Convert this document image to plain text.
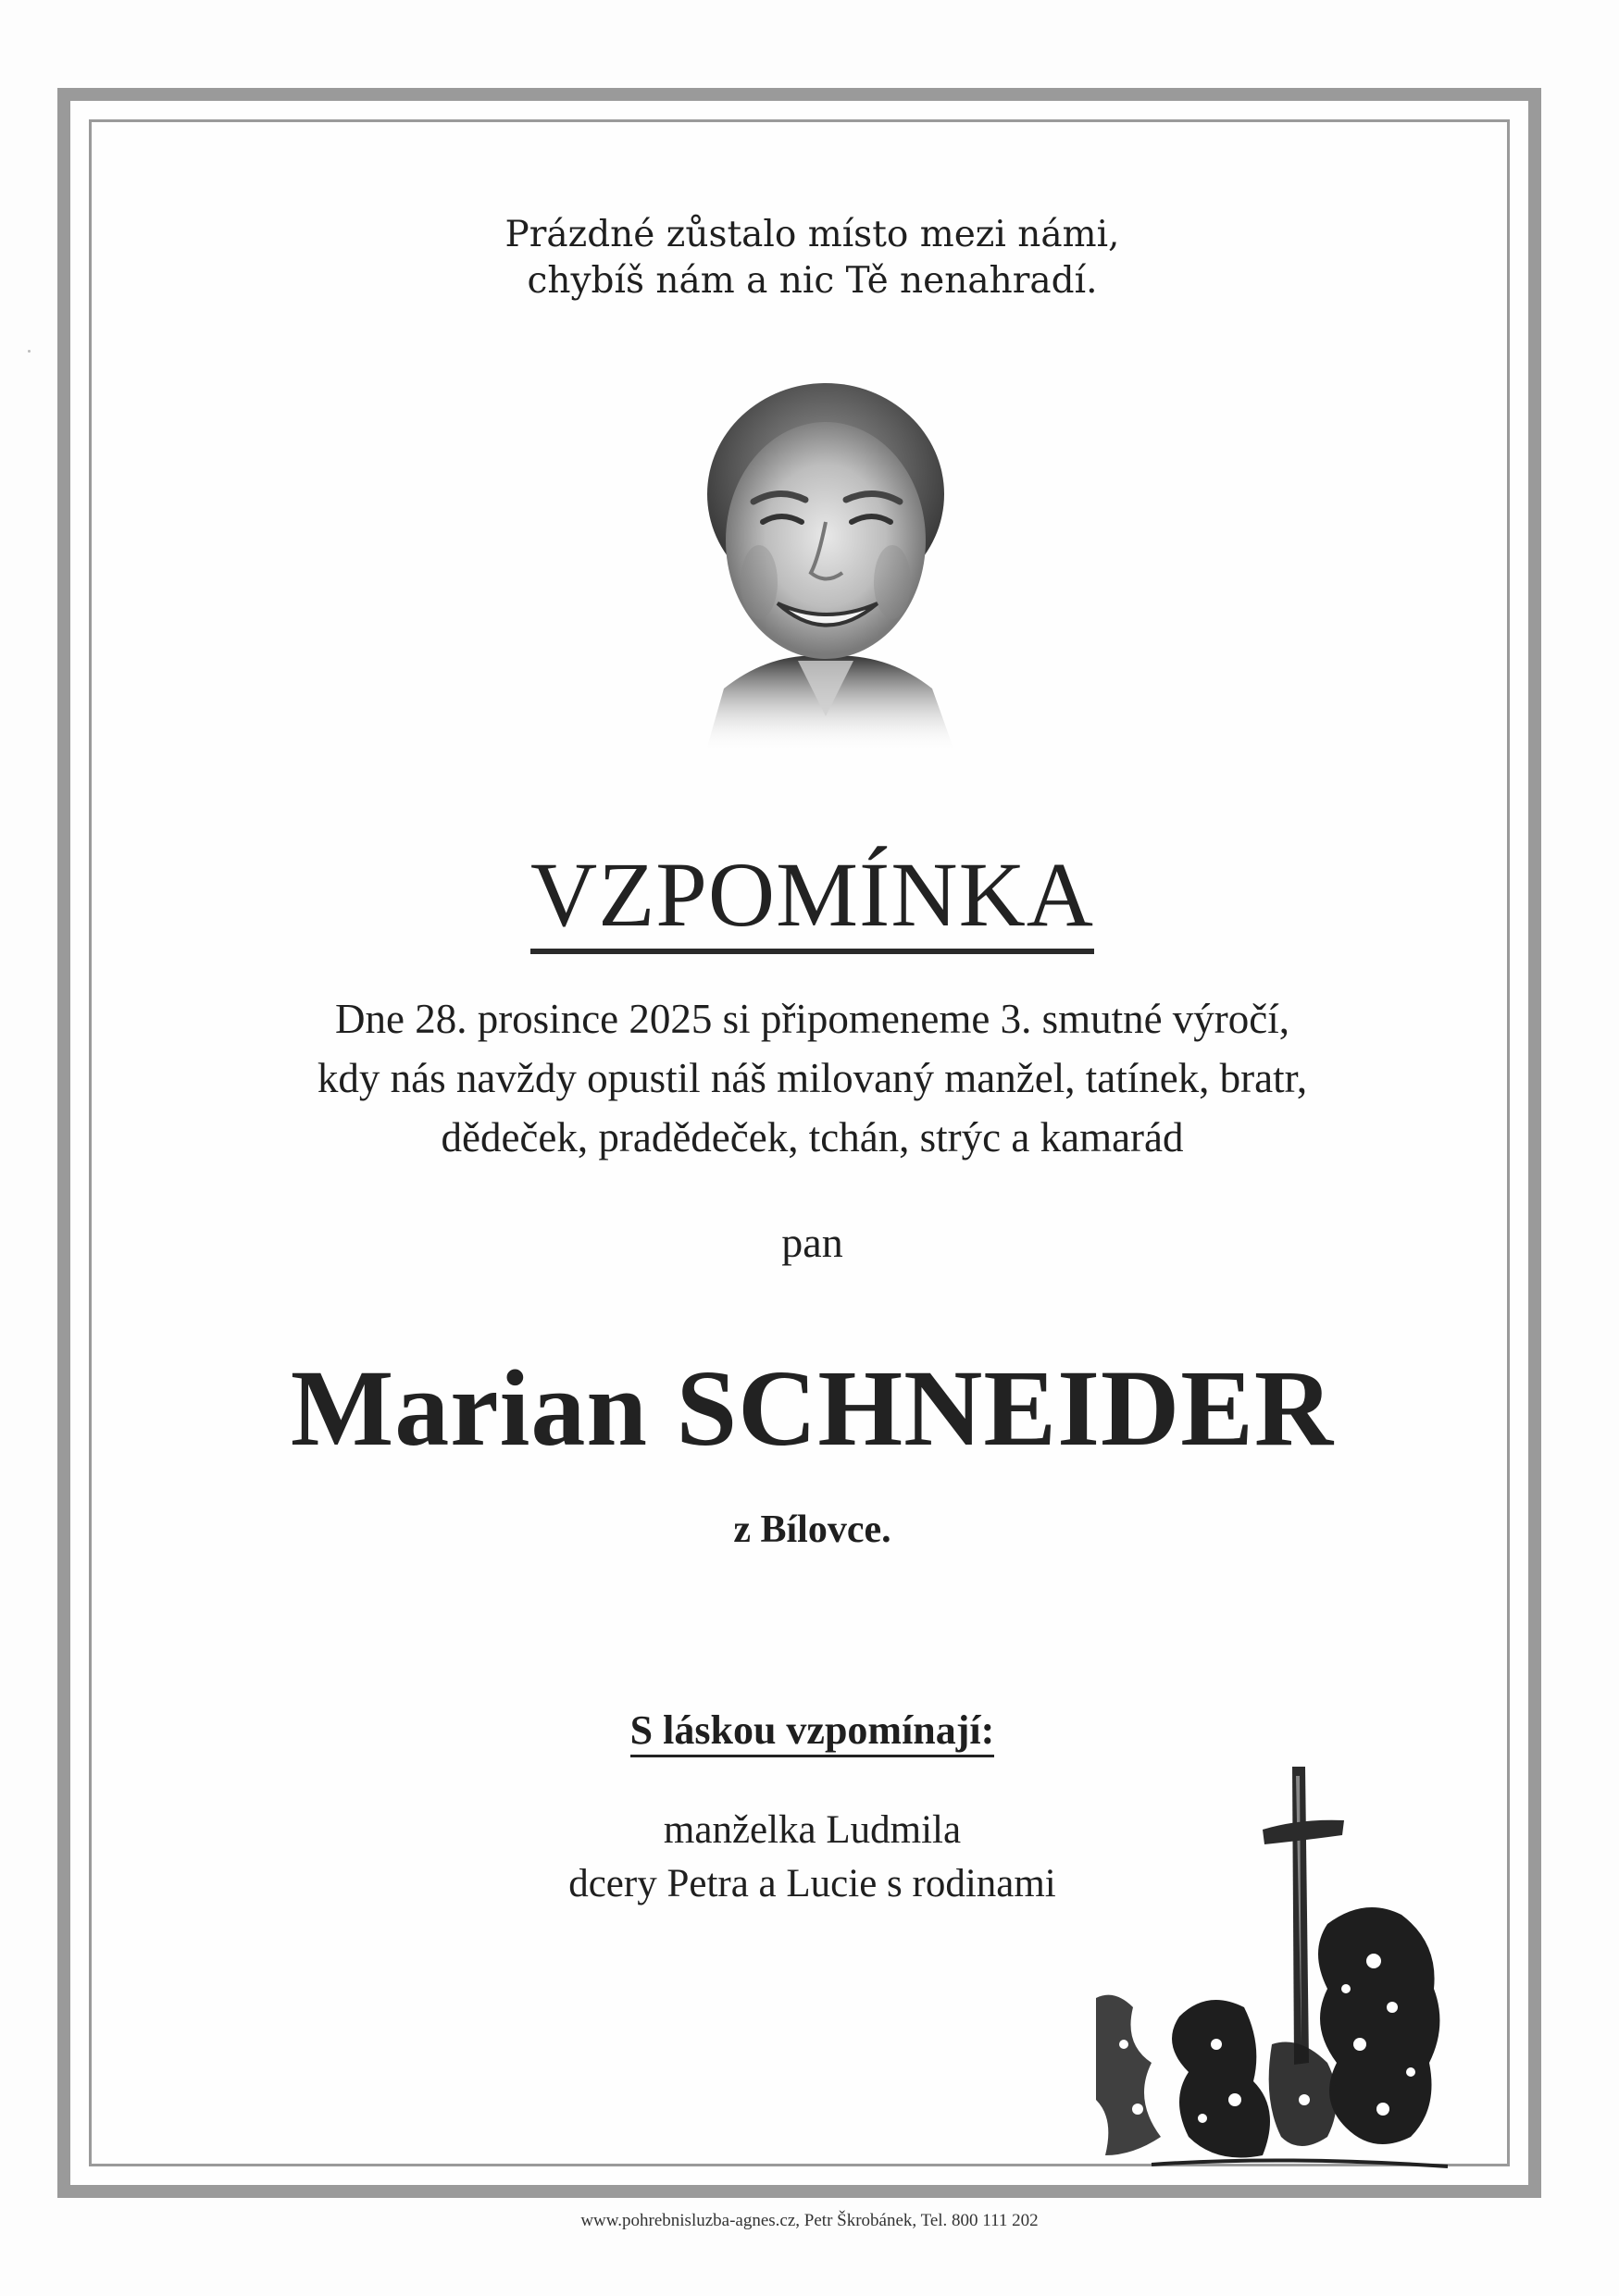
Prázdné zůstalo místo mezi námi,
chybíš nám a nic Tě nenahradí.
VZPOMÍNKA
Dne 28. prosince 2025 si připomeneme 3. smutné výročí,
kdy nás navždy opustil náš milovaný manžel, tatínek, bratr,
dědeček, pradědeček, tchán, strýc a kamarád
pan
Marian SCHNEIDER
z Bílovce.
S láskou vzpomínají:
manželka Ludmila
dcery Petra a Lucie s rodinami
www.pohrebnisluzba-agnes.cz, Petr Škrobánek, Tel. 800 111 202
